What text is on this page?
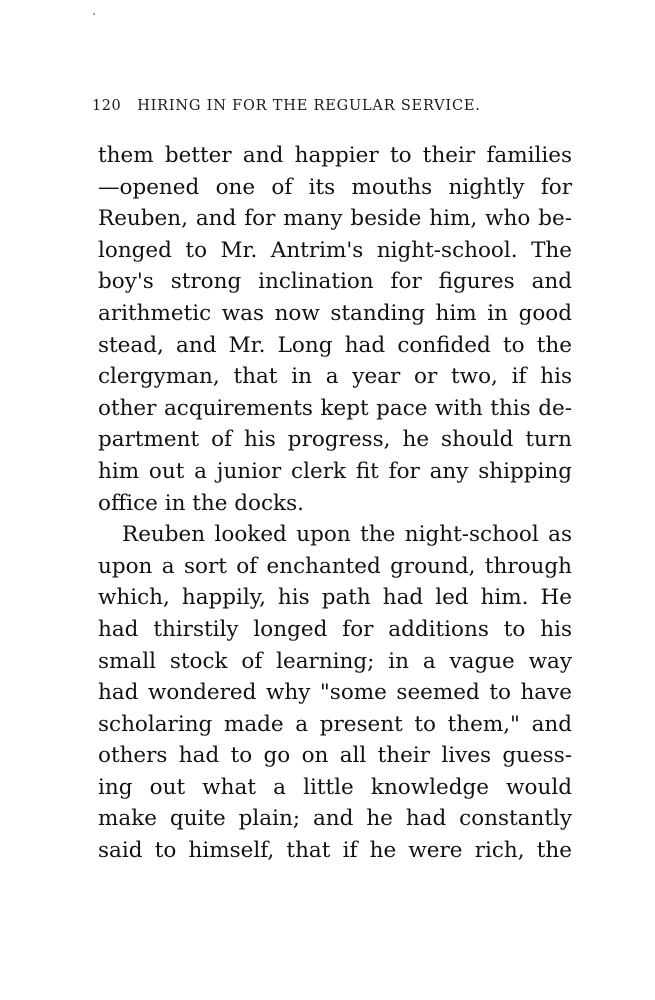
120 HIRING IN FOR THE REGULAR SERVICE.
them better and happier to their families
—opened one of its mouths nightly for
Reuben, and for many beside him, who be-
longed to Mr. Antrim's night-school. The
boy's strong inclination for figures and
arithmetic was now standing him in good
stead, and Mr. Long had confided to the
clergyman, that in a year or two, if his
other acquirements kept pace with this de-
partment of his progress, he should turn
him out a junior clerk fit for any shipping
office in the docks.
Reuben looked upon the night-school as
upon a sort of enchanted ground, through
which, happily, his path had led him. He
had thirstily longed for additions to his
small stock of learning; in a vague way
had wondered why "some seemed to have
scholaring made a present to them," and
others had to go on all their lives guess-
ing out what a little knowledge would
make quite plain; and he had constantly
said to himself, that if he were rich, the
